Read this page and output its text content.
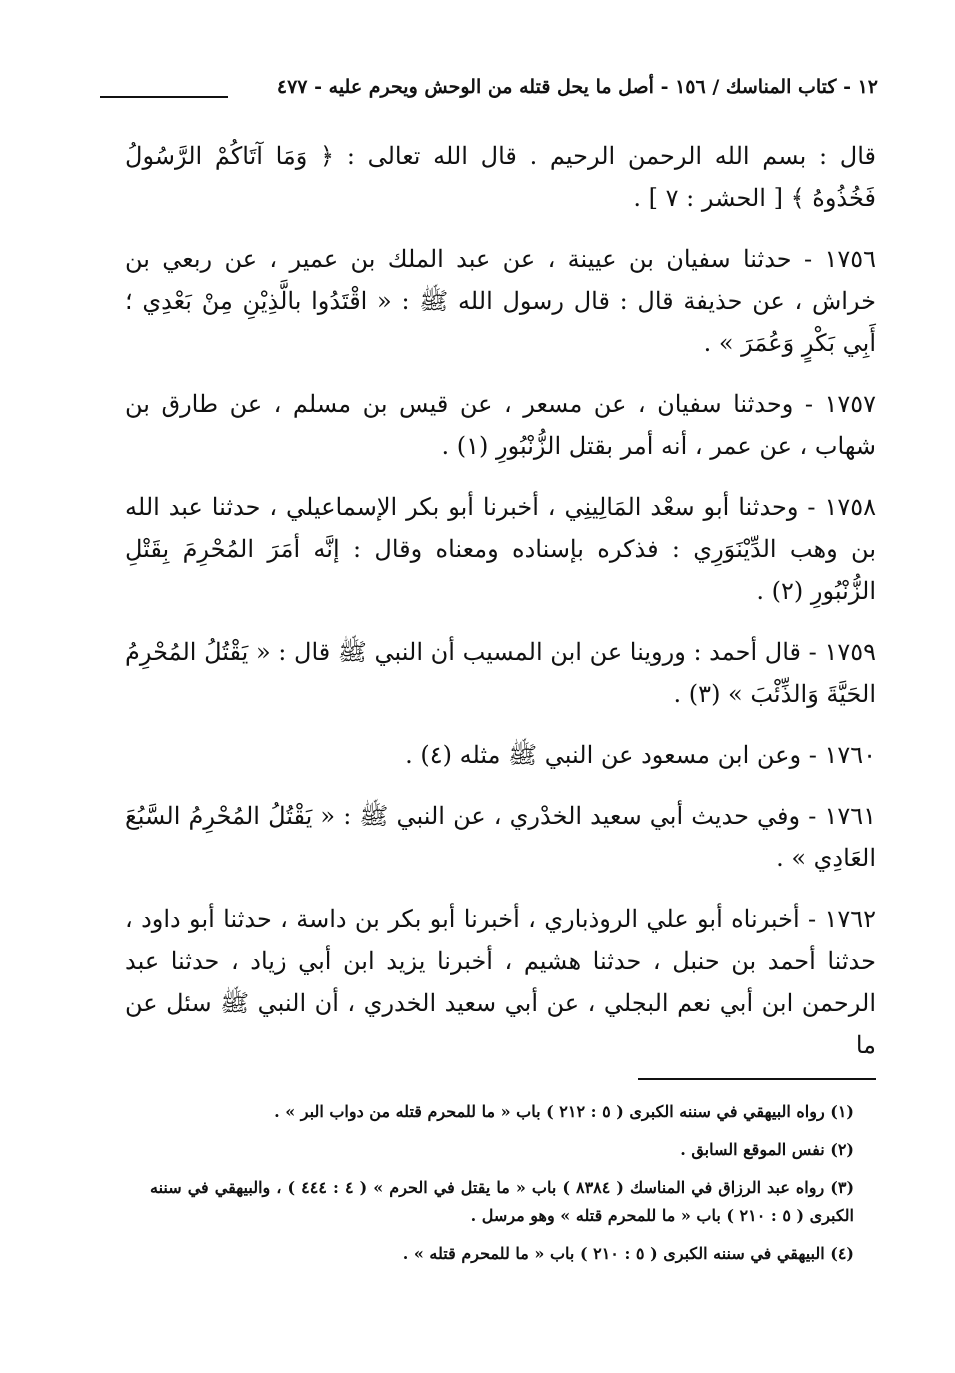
١٢ - كتاب المناسك / ١٥٦ - أصل ما يحل قتله من الوحش ويحرم عليه - ٤٧٧

قال : بسم الله الرحمن الرحيم . قال الله تعالى : ﴿ وَمَا آتَاكُمْ الرَّسُولُ فَخُذُوهُ ﴾ [ الحشر : ٧ ] .

١٧٥٦ - حدثنا سفيان بن عيينة ، عن عبد الملك بن عمير ، عن ربعي بن خراش ، عن حذيفة قال : قال رسول الله ﷺ : « اقْتَدُوا بالَّذِيْنِ مِنْ بَعْدِي ؛ أَبِي بَكْرٍ وَعُمَرَ » .

١٧٥٧ - وحدثنا سفيان ، عن مسعر ، عن قيس بن مسلم ، عن طارق بن شهاب ، عن عمر ، أنه أمر بقتل الزُّنْبُورِ (١) .

١٧٥٨ - وحدثنا أبو سعْد المَالِينِي ، أخبرنا أبو بكر الإسماعيلي ، حدثنا عبد الله بن وهب الدِّيْنَوَرِي : فذكره بإسناده ومعناه وقال : إنَّه أمَرَ المُحْرِمَ بِقَتْلِ الزُّنْبُورِ (٢) .

١٧٥٩ - قال أحمد : وروينا عن ابن المسيب أن النبي ﷺ قال : « يَقْتُلُ المُحْرِمُ الحَيَّةَ وَالذِّئْبَ » (٣) .

١٧٦٠ - وعن ابن مسعود عن النبي ﷺ مثله (٤) .

١٧٦١ - وفي حديث أبي سعيد الخدْري ، عن النبي ﷺ : « يَقْتُلُ المُحْرِمُ السَّبُعَ العَادِي » .

١٧٦٢ - أخبرناه أبو علي الروذباري ، أخبرنا أبو بكر بن داسة ، حدثنا أبو داود ، حدثنا أحمد بن حنبل ، حدثنا هشيم ، أخبرنا يزيد ابن أبي زياد ، حدثنا عبد الرحمن ابن أبي نعم البجلي ، عن أبي سعيد الخدري ، أن النبي ﷺ سئل عن ما

(١) رواه البيهقي في سننه الكبرى ( ٥ : ٢١٢ ) باب « ما للمحرم قتله من دواب البر » .

(٢) نفس الموقع السابق .

(٣) رواه عبد الرزاق في المناسك ( ٨٣٨٤ ) باب « ما يقتل في الحرم » ( ٤ : ٤٤٤ ) ، والبيهقي في سننه الكبرى ( ٥ : ٢١٠ ) باب « ما للمحرم قتله » وهو مرسل .

(٤) البيهقي في سننه الكبرى ( ٥ : ٢١٠ ) باب « ما للمحرم قتله » .
